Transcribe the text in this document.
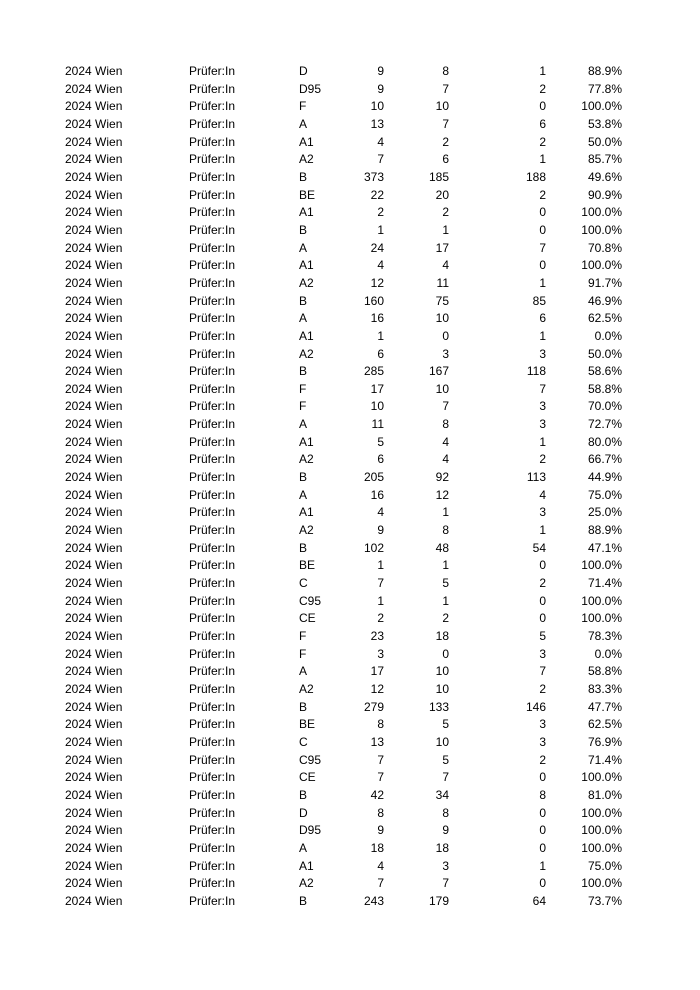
2024 Wien	Prüfer:In	D	9	8	1	88.9%
2024 Wien	Prüfer:In	D95	9	7	2	77.8%
2024 Wien	Prüfer:In	F	10	10	0	100.0%
2024 Wien	Prüfer:In	A	13	7	6	53.8%
2024 Wien	Prüfer:In	A1	4	2	2	50.0%
2024 Wien	Prüfer:In	A2	7	6	1	85.7%
2024 Wien	Prüfer:In	B	373	185	188	49.6%
2024 Wien	Prüfer:In	BE	22	20	2	90.9%
2024 Wien	Prüfer:In	A1	2	2	0	100.0%
2024 Wien	Prüfer:In	B	1	1	0	100.0%
2024 Wien	Prüfer:In	A	24	17	7	70.8%
2024 Wien	Prüfer:In	A1	4	4	0	100.0%
2024 Wien	Prüfer:In	A2	12	11	1	91.7%
2024 Wien	Prüfer:In	B	160	75	85	46.9%
2024 Wien	Prüfer:In	A	16	10	6	62.5%
2024 Wien	Prüfer:In	A1	1	0	1	0.0%
2024 Wien	Prüfer:In	A2	6	3	3	50.0%
2024 Wien	Prüfer:In	B	285	167	118	58.6%
2024 Wien	Prüfer:In	F	17	10	7	58.8%
2024 Wien	Prüfer:In	F	10	7	3	70.0%
2024 Wien	Prüfer:In	A	11	8	3	72.7%
2024 Wien	Prüfer:In	A1	5	4	1	80.0%
2024 Wien	Prüfer:In	A2	6	4	2	66.7%
2024 Wien	Prüfer:In	B	205	92	113	44.9%
2024 Wien	Prüfer:In	A	16	12	4	75.0%
2024 Wien	Prüfer:In	A1	4	1	3	25.0%
2024 Wien	Prüfer:In	A2	9	8	1	88.9%
2024 Wien	Prüfer:In	B	102	48	54	47.1%
2024 Wien	Prüfer:In	BE	1	1	0	100.0%
2024 Wien	Prüfer:In	C	7	5	2	71.4%
2024 Wien	Prüfer:In	C95	1	1	0	100.0%
2024 Wien	Prüfer:In	CE	2	2	0	100.0%
2024 Wien	Prüfer:In	F	23	18	5	78.3%
2024 Wien	Prüfer:In	F	3	0	3	0.0%
2024 Wien	Prüfer:In	A	17	10	7	58.8%
2024 Wien	Prüfer:In	A2	12	10	2	83.3%
2024 Wien	Prüfer:In	B	279	133	146	47.7%
2024 Wien	Prüfer:In	BE	8	5	3	62.5%
2024 Wien	Prüfer:In	C	13	10	3	76.9%
2024 Wien	Prüfer:In	C95	7	5	2	71.4%
2024 Wien	Prüfer:In	CE	7	7	0	100.0%
2024 Wien	Prüfer:In	B	42	34	8	81.0%
2024 Wien	Prüfer:In	D	8	8	0	100.0%
2024 Wien	Prüfer:In	D95	9	9	0	100.0%
2024 Wien	Prüfer:In	A	18	18	0	100.0%
2024 Wien	Prüfer:In	A1	4	3	1	75.0%
2024 Wien	Prüfer:In	A2	7	7	0	100.0%
2024 Wien	Prüfer:In	B	243	179	64	73.7%
